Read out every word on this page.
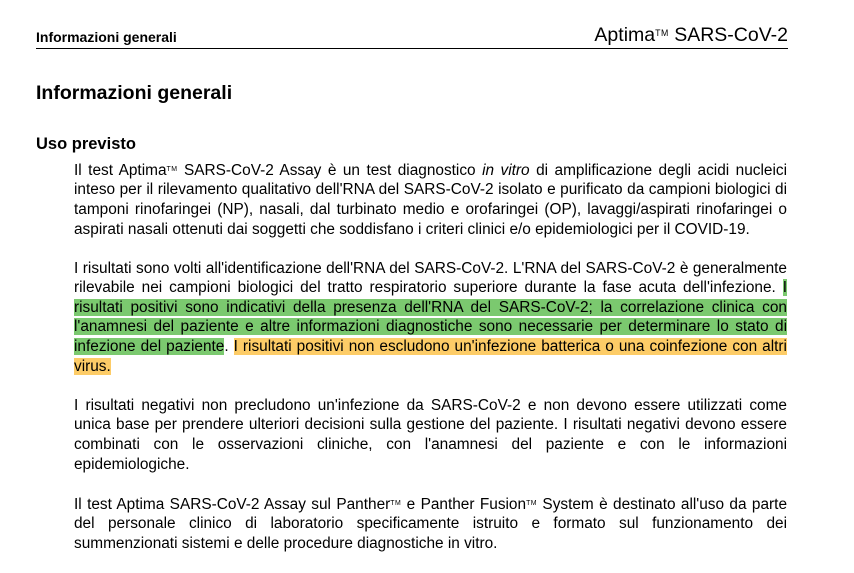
Informazioni generali	Aptima™ SARS-CoV-2
Informazioni generali
Uso previsto

Il test Aptima™ SARS-CoV-2 Assay è un test diagnostico in vitro di amplificazione degli acidi nucleici inteso per il rilevamento qualitativo dell'RNA del SARS-CoV-2 isolato e purificato da campioni biologici di tamponi rinofaringei (NP), nasali, dal turbinato medio e orofaringei (OP), lavaggi/aspirati rinofaringei o aspirati nasali ottenuti dai soggetti che soddisfano i criteri clinici e/o epidemiologici per il COVID-19.

I risultati sono volti all'identificazione dell'RNA del SARS-CoV-2. L'RNA del SARS-CoV-2 è generalmente rilevabile nei campioni biologici del tratto respiratorio superiore durante la fase acuta dell'infezione. I risultati positivi sono indicativi della presenza dell'RNA del SARS-CoV-2; la correlazione clinica con l'anamnesi del paziente e altre informazioni diagnostiche sono necessarie per determinare lo stato di infezione del paziente. I risultati positivi non escludono un'infezione batterica o una coinfezione con altri virus.

I risultati negativi non precludono un'infezione da SARS-CoV-2 e non devono essere utilizzati come unica base per prendere ulteriori decisioni sulla gestione del paziente. I risultati negativi devono essere combinati con le osservazioni cliniche, con l'anamnesi del paziente e con le informazioni epidemiologiche.

Il test Aptima SARS-CoV-2 Assay sul Panther™ e Panther Fusion™ System è destinato all'uso da parte del personale clinico di laboratorio specificamente istruito e formato sul funzionamento dei summenzionati sistemi e delle procedure diagnostiche in vitro.
